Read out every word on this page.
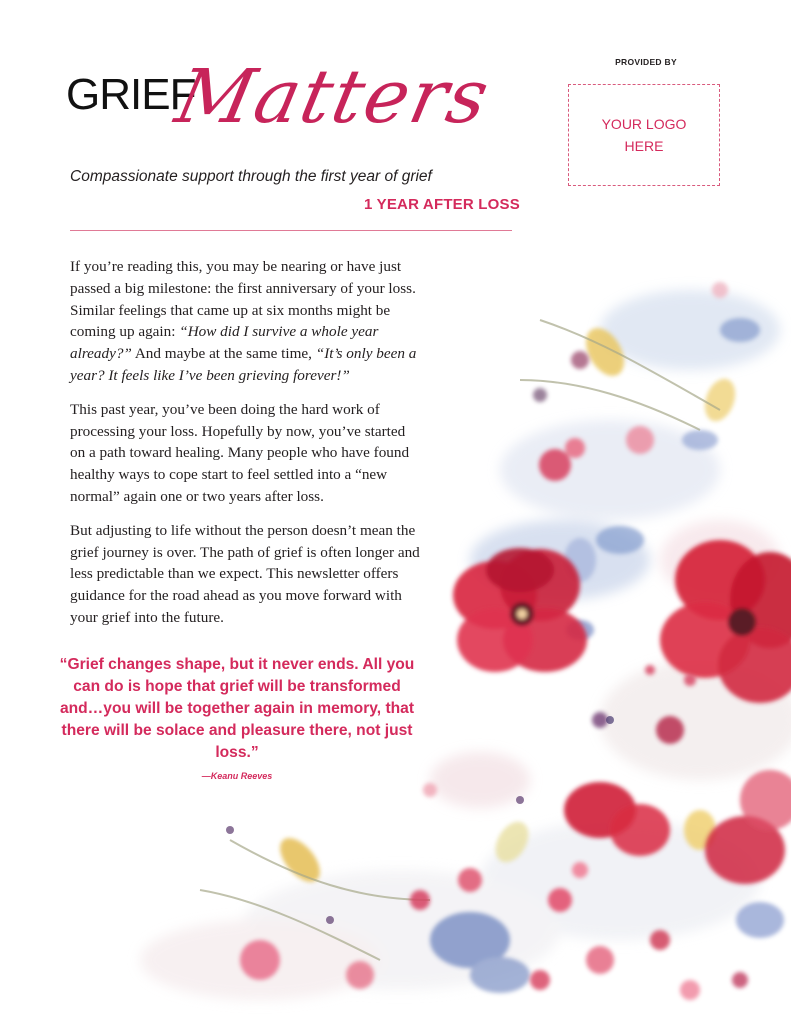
GRIEF
Matters
Compassionate support through the first year of grief
1 YEAR AFTER LOSS
PROVIDED BY
YOUR LOGO
HERE

If you’re reading this, you may be nearing or have just passed a big milestone: the first anniversary of your loss. Similar feelings that came up at six months might be coming up again: “How did I survive a whole year already?” And maybe at the same time, “It’s only been a year? It feels like I’ve been grieving forever!”

This past year, you’ve been doing the hard work of processing your loss. Hopefully by now, you’ve started on a path toward healing. Many people who have found healthy ways to cope start to feel settled into a “new normal” again one or two years after loss.

But adjusting to life without the person doesn’t mean the grief journey is over. The path of grief is often longer and less predictable than we expect. This newsletter offers guidance for the road ahead as you move forward with your grief into the future.

“Grief changes shape, but it never ends. All you can do is hope that grief will be transformed and…you will be together again in memory, that there will be solace and pleasure there, not just loss.”
—Keanu Reeves
